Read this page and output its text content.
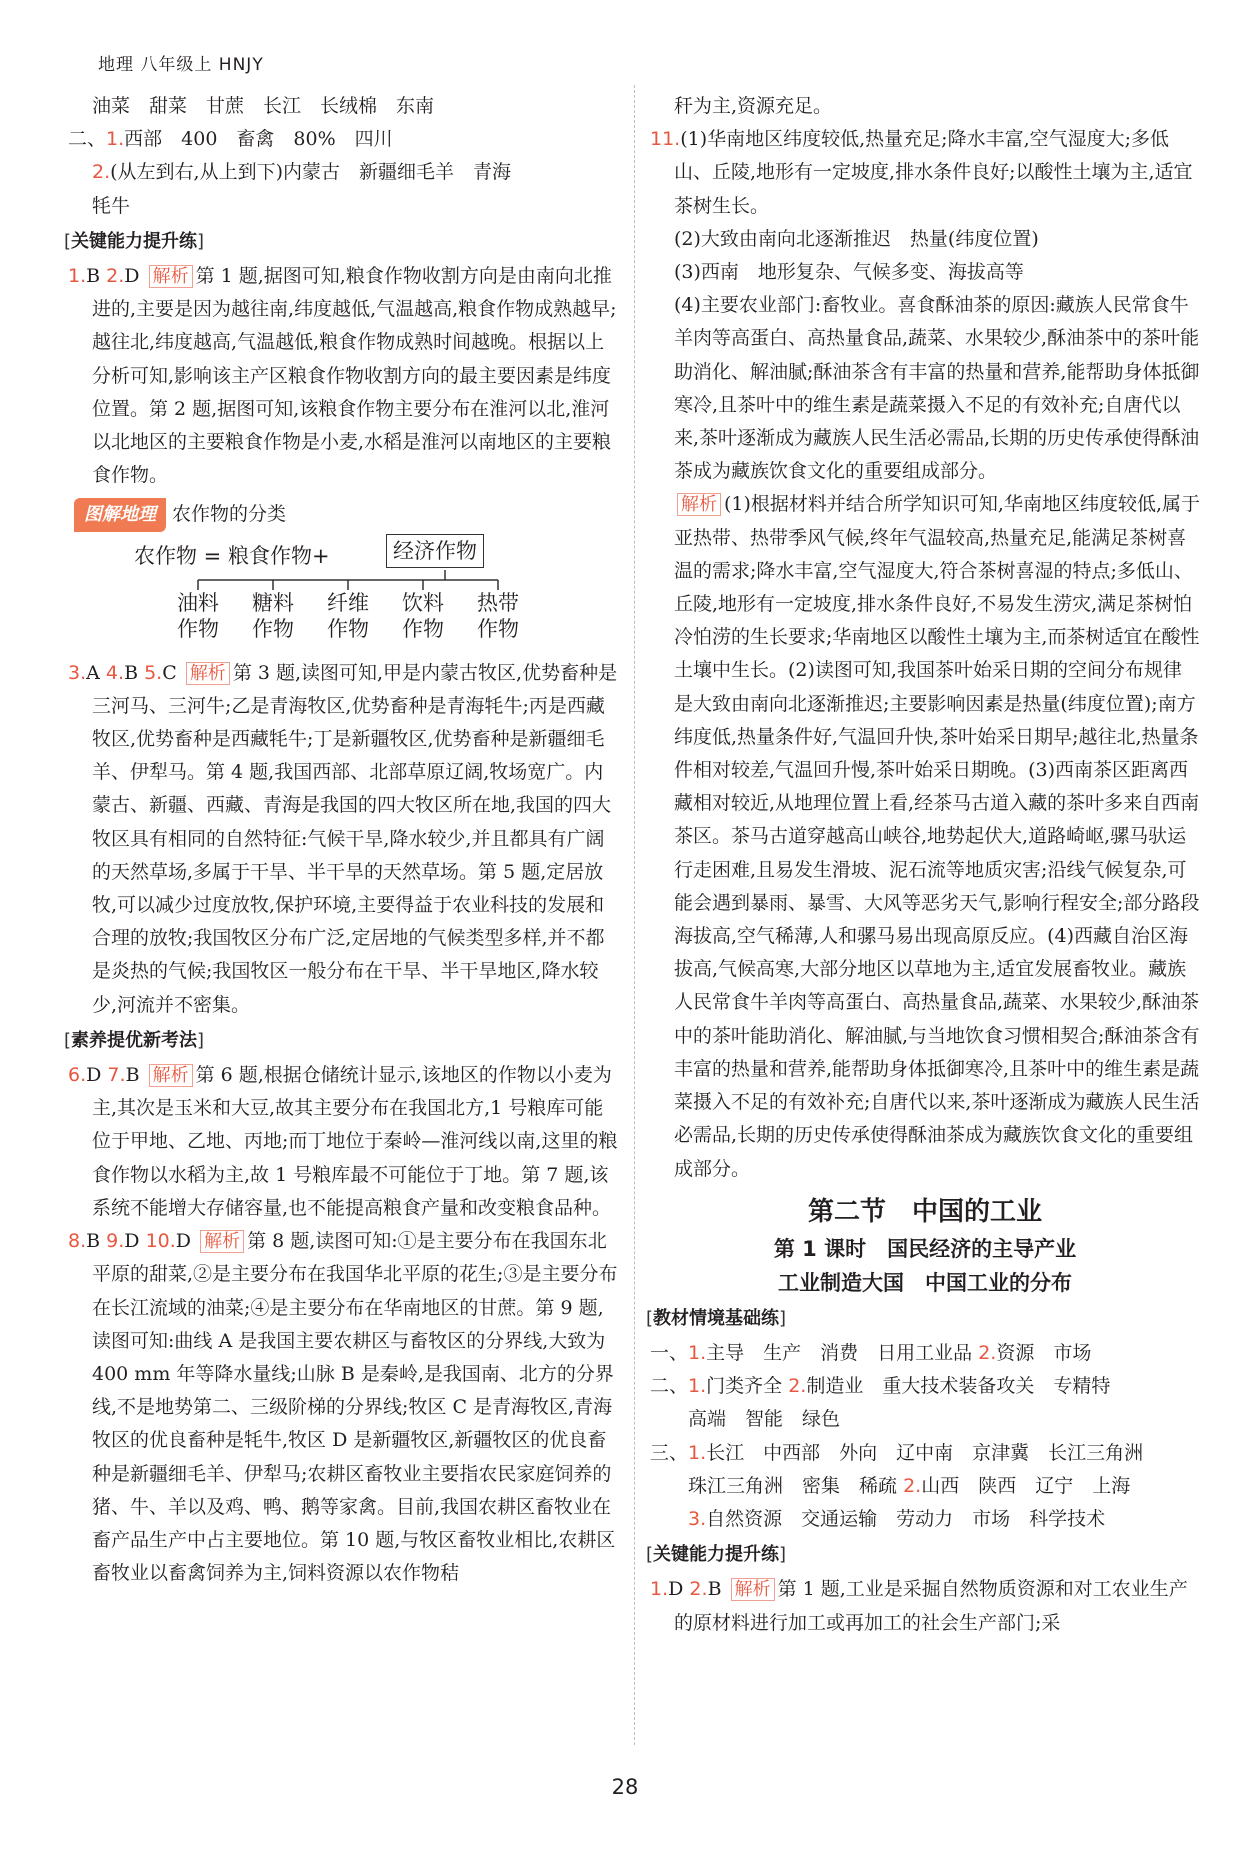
地理 八年级上 HNJY

油菜　甜菜　甘蔗　长江　长绒棉　东南

二、1.西部　400　畜禽　80%　四川

2.(从左到右,从上到下)内蒙古　新疆细毛羊　青海

牦牛

[关键能力提升练]

1.B 2.D 解析 第 1 题,据图可知,粮食作物收割方向是由南向北推进的,主要是因为越往南,纬度越低,气温越高,粮食作物成熟越早;越往北,纬度越高,气温越低,粮食作物成熟时间越晚。根据以上分析可知,影响该主产区粮食作物收割方向的最主要因素是纬度位置。第 2 题,据图可知,该粮食作物主要分布在淮河以北,淮河以北地区的主要粮食作物是小麦,水稻是淮河以南地区的主要粮食作物。

图解地理 农作物的分类
农作物 = 粮食作物+	经济作物
油料
作物
糖料
作物
纤维
作物
饮料
作物
热带
作物

3.A 4.B 5.C 解析 第 3 题,读图可知,甲是内蒙古牧区,优势畜种是三河马、三河牛;乙是青海牧区,优势畜种是青海牦牛;丙是西藏牧区,优势畜种是西藏牦牛;丁是新疆牧区,优势畜种是新疆细毛羊、伊犁马。第 4 题,我国西部、北部草原辽阔,牧场宽广。内蒙古、新疆、西藏、青海是我国的四大牧区所在地,我国的四大牧区具有相同的自然特征:气候干旱,降水较少,并且都具有广阔的天然草场,多属于干旱、半干旱的天然草场。第 5 题,定居放牧,可以减少过度放牧,保护环境,主要得益于农业科技的发展和合理的放牧;我国牧区分布广泛,定居地的气候类型多样,并不都是炎热的气候;我国牧区一般分布在干旱、半干旱地区,降水较少,河流并不密集。

[素养提优新考法]

6.D 7.B 解析 第 6 题,根据仓储统计显示,该地区的作物以小麦为主,其次是玉米和大豆,故其主要分布在我国北方,1 号粮库可能位于甲地、乙地、丙地;而丁地位于秦岭—淮河线以南,这里的粮食作物以水稻为主,故 1 号粮库最不可能位于丁地。第 7 题,该系统不能增大存储容量,也不能提高粮食产量和改变粮食品种。

8.B 9.D 10.D 解析 第 8 题,读图可知:①是主要分布在我国东北平原的甜菜,②是主要分布在我国华北平原的花生;③是主要分布在长江流域的油菜;④是主要分布在华南地区的甘蔗。第 9 题,读图可知:曲线 A 是我国主要农耕区与畜牧区的分界线,大致为 400 mm 年等降水量线;山脉 B 是秦岭,是我国南、北方的分界线,不是地势第二、三级阶梯的分界线;牧区 C 是青海牧区,青海牧区的优良畜种是牦牛,牧区 D 是新疆牧区,新疆牧区的优良畜种是新疆细毛羊、伊犁马;农耕区畜牧业主要指农民家庭饲养的猪、牛、羊以及鸡、鸭、鹅等家禽。目前,我国农耕区畜牧业在畜产品生产中占主要地位。第 10 题,与牧区畜牧业相比,农耕区畜牧业以畜禽饲养为主,饲料资源以农作物秸

秆为主,资源充足。

11.(1)华南地区纬度较低,热量充足;降水丰富,空气湿度大;多低山、丘陵,地形有一定坡度,排水条件良好;以酸性土壤为主,适宜茶树生长。

(2)大致由南向北逐渐推迟　热量(纬度位置)

(3)西南　地形复杂、气候多变、海拔高等

(4)主要农业部门:畜牧业。喜食酥油茶的原因:藏族人民常食牛羊肉等高蛋白、高热量食品,蔬菜、水果较少,酥油茶中的茶叶能助消化、解油腻;酥油茶含有丰富的热量和营养,能帮助身体抵御寒冷,且茶叶中的维生素是蔬菜摄入不足的有效补充;自唐代以来,茶叶逐渐成为藏族人民生活必需品,长期的历史传承使得酥油茶成为藏族饮食文化的重要组成部分。

解析 (1)根据材料并结合所学知识可知,华南地区纬度较低,属于亚热带、热带季风气候,终年气温较高,热量充足,能满足茶树喜温的需求;降水丰富,空气湿度大,符合茶树喜湿的特点;多低山、丘陵,地形有一定坡度,排水条件良好,不易发生涝灾,满足茶树怕冷怕涝的生长要求;华南地区以酸性土壤为主,而茶树适宜在酸性土壤中生长。(2)读图可知,我国茶叶始采日期的空间分布规律是大致由南向北逐渐推迟;主要影响因素是热量(纬度位置);南方纬度低,热量条件好,气温回升快,茶叶始采日期早;越往北,热量条件相对较差,气温回升慢,茶叶始采日期晚。(3)西南茶区距离西藏相对较近,从地理位置上看,经茶马古道入藏的茶叶多来自西南茶区。茶马古道穿越高山峡谷,地势起伏大,道路崎岖,骡马驮运行走困难,且易发生滑坡、泥石流等地质灾害;沿线气候复杂,可能会遇到暴雨、暴雪、大风等恶劣天气,影响行程安全;部分路段海拔高,空气稀薄,人和骡马易出现高原反应。(4)西藏自治区海拔高,气候高寒,大部分地区以草地为主,适宜发展畜牧业。藏族人民常食牛羊肉等高蛋白、高热量食品,蔬菜、水果较少,酥油茶中的茶叶能助消化、解油腻,与当地饮食习惯相契合;酥油茶含有丰富的热量和营养,能帮助身体抵御寒冷,且茶叶中的维生素是蔬菜摄入不足的有效补充;自唐代以来,茶叶逐渐成为藏族人民生活必需品,长期的历史传承使得酥油茶成为藏族饮食文化的重要组成部分。

第二节　中国的工业

第 1 课时　国民经济的主导产业

工业制造大国　中国工业的分布

[教材情境基础练]

一、1.主导　生产　消费　日用工业品 2.资源　市场

二、1.门类齐全 2.制造业　重大技术装备攻关　专精特

高端　智能　绿色

三、1.长江　中西部　外向　辽中南　京津冀　长江三角洲

珠江三角洲　密集　稀疏 2.山西　陕西　辽宁　上海

3.自然资源　交通运输　劳动力　市场　科学技术

[关键能力提升练]

1.D 2.B 解析 第 1 题,工业是采掘自然物质资源和对工农业生产的原材料进行加工或再加工的社会生产部门;采

28
